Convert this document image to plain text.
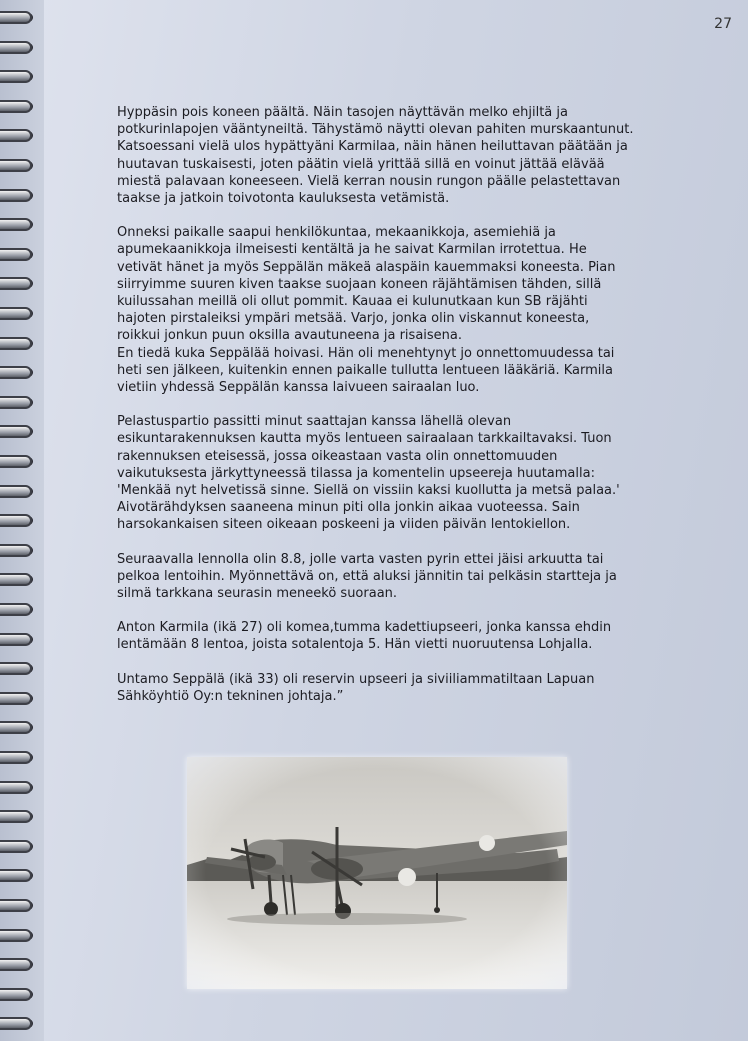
27

Hyppäsin pois koneen päältä. Näin tasojen näyttävän melko ehjiltä ja
potkurinlapojen vääntyneiltä. Tähystämö näytti olevan pahiten murskaantunut.
Katsoessani vielä ulos hypättyäni Karmilaa, näin hänen heiluttavan päätään ja
huutavan tuskaisesti, joten päätin vielä yrittää sillä en voinut jättää elävää
miestä palavaan koneeseen. Vielä kerran nousin rungon päälle pelastettavan
taakse ja jatkoin toivotonta kauluksesta vetämistä.

Onneksi paikalle saapui henkilökuntaa, mekaanikkoja, asemiehiä ja
apumekaanikkoja ilmeisesti kentältä ja he saivat Karmilan irrotettua. He
vetivät hänet ja myös Seppälän mäkeä alaspäin kauemmaksi koneesta. Pian
siirryimme suuren kiven taakse suojaan koneen räjähtämisen tähden, sillä
kuilussahan meillä oli ollut pommit. Kauaa ei kulunutkaan kun SB räjähti
hajoten pirstaleiksi ympäri metsää. Varjo, jonka olin viskannut koneesta,
roikkui jonkun puun oksilla avautuneena ja risaisena.
En tiedä kuka Seppälää hoivasi. Hän oli menehtynyt jo onnettomuudessa tai
heti sen jälkeen, kuitenkin ennen paikalle tullutta lentueen lääkäriä. Karmila
vietiin yhdessä Seppälän kanssa laivueen sairaalan luo.

Pelastuspartio passitti minut saattajan kanssa lähellä olevan
esikuntarakennuksen kautta myös lentueen sairaalaan tarkkailtavaksi. Tuon
rakennuksen eteisessä, jossa oikeastaan vasta olin onnettomuuden
vaikutuksesta järkyttyneessä tilassa ja komentelin upseereja huutamalla:
'Menkää nyt helvetissä sinne. Siellä on vissiin kaksi kuollutta ja metsä palaa.'
Aivotärähdyksen saaneena minun piti olla jonkin aikaa vuoteessa. Sain
harsokankaisen siteen oikeaan poskeeni ja viiden päivän lentokiellon.

Seuraavalla lennolla olin 8.8, jolle varta vasten pyrin ettei jäisi arkuutta tai
pelkoa lentoihin. Myönnettävä on, että aluksi jännitin tai pelkäsin startteja ja
silmä tarkkana seurasin meneekö suoraan.

Anton Karmila (ikä 27) oli komea,tumma kadettiupseeri, jonka kanssa ehdin
lentämään 8 lentoa, joista sotalentoja 5. Hän vietti nuoruutensa Lohjalla.

Untamo Seppälä (ikä 33) oli reservin upseeri ja siviiliammatiltaan Lapuan
Sähköyhtiö Oy:n tekninen johtaja.”
